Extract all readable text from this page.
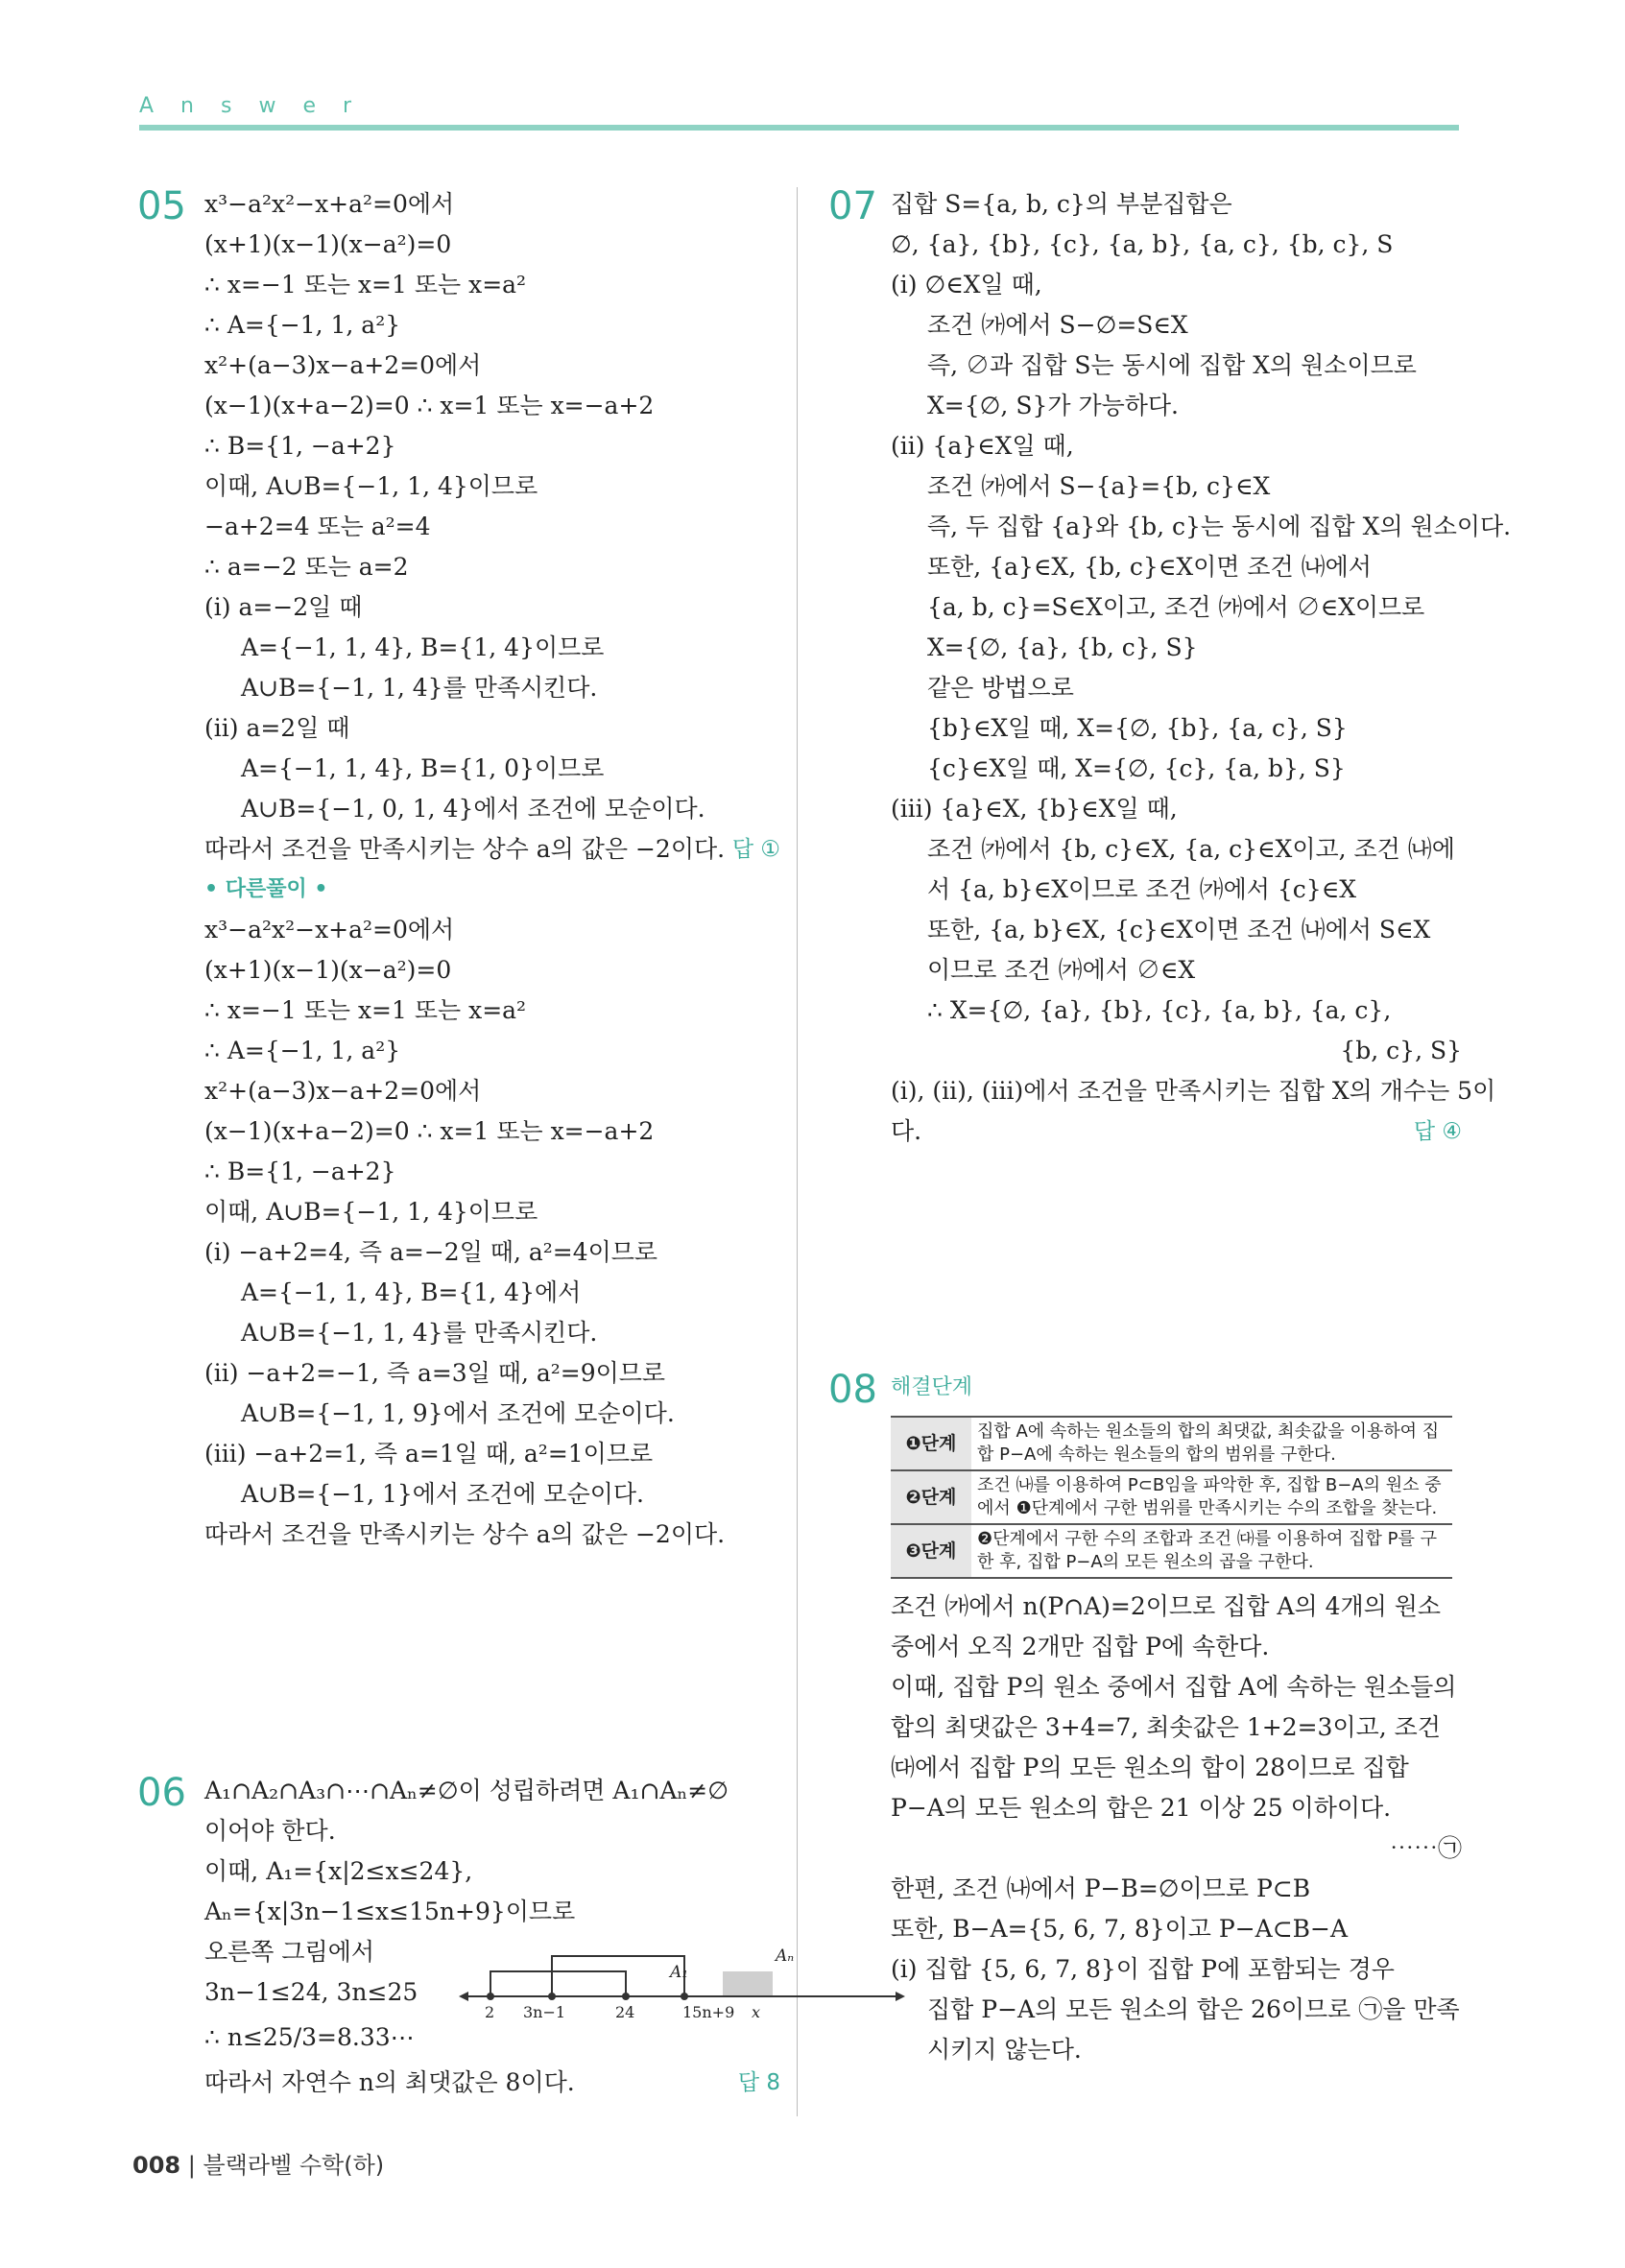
Answer
05 x³−a²x²−x+a²=0에서
(x+1)(x−1)(x−a²)=0
∴ x=−1 또는 x=1 또는 x=a²
∴ A={−1, 1, a²}
x²+(a−3)x−a+2=0에서
(x−1)(x+a−2)=0 ∴ x=1 또는 x=−a+2
∴ B={1, −a+2}
이때, A∪B={−1, 1, 4}이므로
−a+2=4 또는 a²=4
∴ a=−2 또는 a=2
(ⅰ) a=−2일 때
A={−1, 1, 4}, B={1, 4}이므로
A∪B={−1, 1, 4}를 만족시킨다.
(ⅱ) a=2일 때
A={−1, 1, 4}, B={1, 0}이므로
A∪B={−1, 0, 1, 4}에서 조건에 모순이다.
따라서 조건을 만족시키는 상수 a의 값은 −2이다. 답 ①
• 다른풀이 •
x³−a²x²−x+a²=0에서
(x+1)(x−1)(x−a²)=0
∴ x=−1 또는 x=1 또는 x=a²
∴ A={−1, 1, a²}
x²+(a−3)x−a+2=0에서
(x−1)(x+a−2)=0 ∴ x=1 또는 x=−a+2
∴ B={1, −a+2}
이때, A∪B={−1, 1, 4}이므로
(ⅰ) −a+2=4, 즉 a=−2일 때, a²=4이므로
A={−1, 1, 4}, B={1, 4}에서
A∪B={−1, 1, 4}를 만족시킨다.
(ⅱ) −a+2=−1, 즉 a=3일 때, a²=9이므로
A∪B={−1, 1, 9}에서 조건에 모순이다.
(ⅲ) −a+2=1, 즉 a=1일 때, a²=1이므로
A∪B={−1, 1}에서 조건에 모순이다.
따라서 조건을 만족시키는 상수 a의 값은 −2이다.
06 A₁∩A₂∩A₃∩⋯∩Aₙ≠∅이 성립하려면 A₁∩Aₙ≠∅
이어야 한다.
이때, A₁={x|2≤x≤24},
Aₙ={x|3n−1≤x≤15n+9}이므로
오른쪽 그림에서
3n−1≤24, 3n≤25
∴ n≤25/3=8.33⋯
따라서 자연수 n의 최댓값은 8이다.	답 8
A₁
Aₙ
2 3n−1	24	15n+9 x
07 집합 S={a, b, c}의 부분집합은
∅, {a}, {b}, {c}, {a, b}, {a, c}, {b, c}, S
(ⅰ) ∅∈X일 때,
조건 ㈎에서 S−∅=S∈X
즉, ∅과 집합 S는 동시에 집합 X의 원소이므로
X={∅, S}가 가능하다.
(ⅱ) {a}∈X일 때,
조건 ㈎에서 S−{a}={b, c}∈X
즉, 두 집합 {a}와 {b, c}는 동시에 집합 X의 원소이다.
또한, {a}∈X, {b, c}∈X이면 조건 ㈏에서
{a, b, c}=S∈X이고, 조건 ㈎에서 ∅∈X이므로
X={∅, {a}, {b, c}, S}
같은 방법으로
{b}∈X일 때, X={∅, {b}, {a, c}, S}
{c}∈X일 때, X={∅, {c}, {a, b}, S}
(ⅲ) {a}∈X, {b}∈X일 때,
조건 ㈎에서 {b, c}∈X, {a, c}∈X이고, 조건 ㈏에
서 {a, b}∈X이므로 조건 ㈎에서 {c}∈X
또한, {a, b}∈X, {c}∈X이면 조건 ㈏에서 S∈X
이므로 조건 ㈎에서 ∅∈X
∴ X={∅, {a}, {b}, {c}, {a, b}, {a, c},
{b, c}, S}
(ⅰ), (ⅱ), (ⅲ)에서 조건을 만족시키는 집합 X의 개수는 5이
다.	답 ④
08 해결단계
❶단계	집합 A에 속하는 원소들의 합의 최댓값, 최솟값을 이용하여 집합 P−A에 속하는 원소들의 합의 범위를 구한다.
❷단계	조건 ㈏를 이용하여 P⊂B임을 파악한 후, 집합 B−A의 원소 중에서 ❶단계에서 구한 범위를 만족시키는 수의 조합을 찾는다.
❸단계	❷단계에서 구한 수의 조합과 조건 ㈐를 이용하여 집합 P를 구한 후, 집합 P−A의 모든 원소의 곱을 구한다.
조건 ㈎에서 n(P∩A)=2이므로 집합 A의 4개의 원소
중에서 오직 2개만 집합 P에 속한다.
이때, 집합 P의 원소 중에서 집합 A에 속하는 원소들의
합의 최댓값은 3+4=7, 최솟값은 1+2=3이고, 조건
㈐에서 집합 P의 모든 원소의 합이 28이므로 집합
P−A의 모든 원소의 합은 21 이상 25 이하이다.
⋯⋯㉠
한편, 조건 ㈏에서 P−B=∅이므로 P⊂B
또한, B−A={5, 6, 7, 8}이고 P−A⊂B−A
(ⅰ) 집합 {5, 6, 7, 8}이 집합 P에 포함되는 경우
집합 P−A의 모든 원소의 합은 26이므로 ㉠을 만족
시키지 않는다.
008 | 블랙라벨 수학(하)
